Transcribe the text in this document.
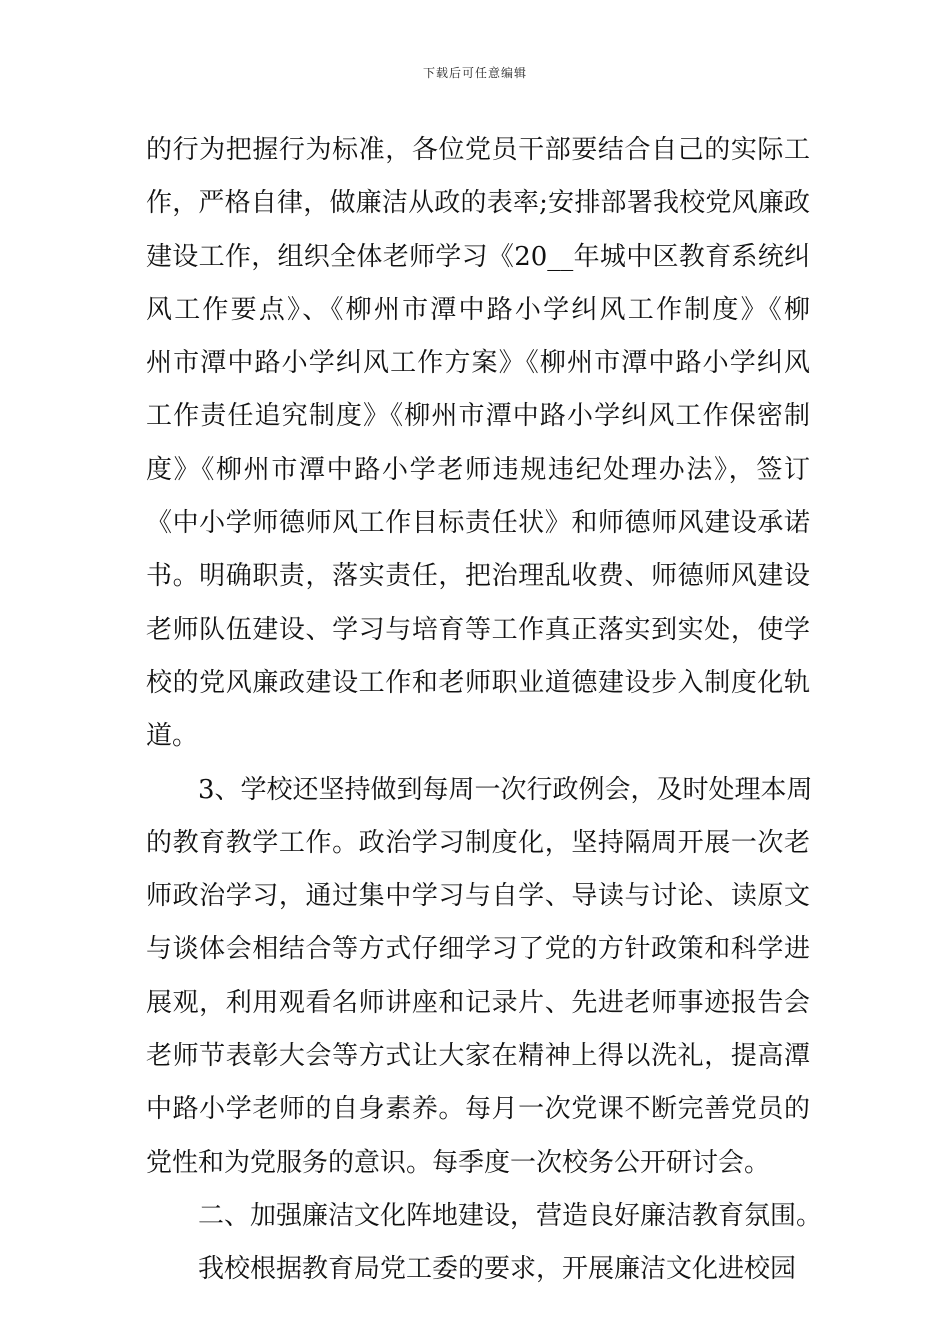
下载后可任意编辑
的行为把握行为标准，各位党员干部要结合自己的实际工
作，严格自律，做廉洁从政的表率;安排部署我校党风廉政
建设工作，组织全体老师学习《20__年城中区教育系统纠
风工作要点》、《柳州市潭中路小学纠风工作制度》《柳
州市潭中路小学纠风工作方案》《柳州市潭中路小学纠风
工作责任追究制度》《柳州市潭中路小学纠风工作保密制
度》《柳州市潭中路小学老师违规违纪处理办法》，签订
《中小学师德师风工作目标责任状》和师德师风建设承诺
书。明确职责，落实责任，把治理乱收费、师德师风建设
老师队伍建设、学习与培育等工作真正落实到实处，使学
校的党风廉政建设工作和老师职业道德建设步入制度化轨
道。
　　3、学校还坚持做到每周一次行政例会，及时处理本周
的教育教学工作。政治学习制度化，坚持隔周开展一次老
师政治学习，通过集中学习与自学、导读与讨论、读原文
与谈体会相结合等方式仔细学习了党的方针政策和科学进
展观，利用观看名师讲座和记录片、先进老师事迹报告会
老师节表彰大会等方式让大家在精神上得以洗礼，提高潭
中路小学老师的自身素养。每月一次党课不断完善党员的
党性和为党服务的意识。每季度一次校务公开研讨会。
　　二、加强廉洁文化阵地建设，营造良好廉洁教育氛围。
　　我校根据教育局党工委的要求，开展廉洁文化进校园
